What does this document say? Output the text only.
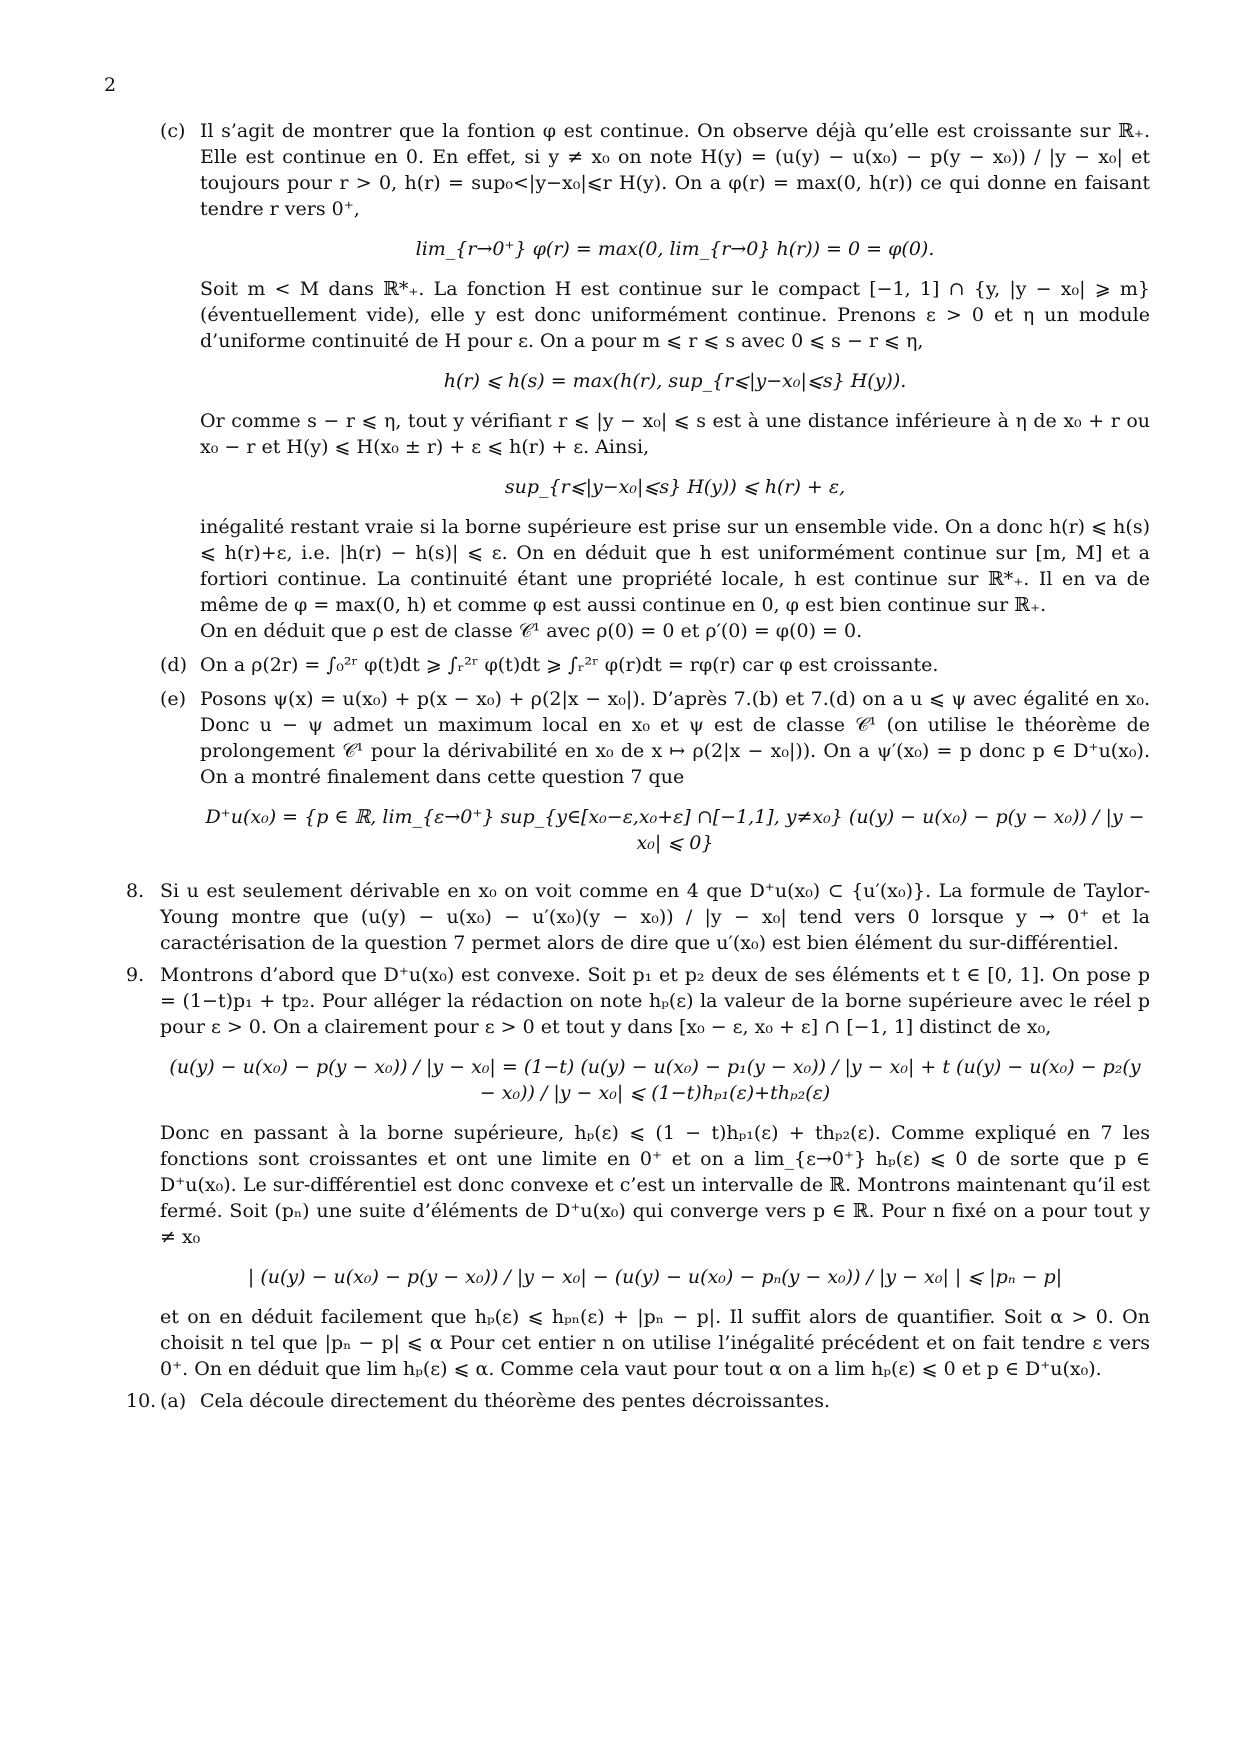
2
(c) Il s’agit de montrer que la fontion φ est continue. On observe déjà qu’elle est croissante sur ℝ₊. Elle est continue en 0. En effet, si y ≠ x₀ on note H(y) = (u(y) − u(x₀) − p(y − x₀)) / |y − x₀| et toujours pour r > 0, h(r) = sup₀<|y−x₀|⩽r H(y). On a φ(r) = max(0, h(r)) ce qui donne en faisant tendre r vers 0⁺,

lim_{r→0⁺} φ(r) = max(0, lim_{r→0} h(r)) = 0 = φ(0).

Soit m < M dans ℝ*₊. La fonction H est continue sur le compact [−1, 1] ∩ {y, |y − x₀| ⩾ m} (éventuellement vide), elle y est donc uniformément continue. Prenons ε > 0 et η un module d’uniforme continuité de H pour ε. On a pour m ⩽ r ⩽ s avec 0 ⩽ s − r ⩽ η,

h(r) ⩽ h(s) = max(h(r), sup_{r⩽|y−x₀|⩽s} H(y)).

Or comme s − r ⩽ η, tout y vérifiant r ⩽ |y − x₀| ⩽ s est à une distance inférieure à η de x₀ + r ou x₀ − r et H(y) ⩽ H(x₀ ± r) + ε ⩽ h(r) + ε. Ainsi,

sup_{r⩽|y−x₀|⩽s} H(y)) ⩽ h(r) + ε,

inégalité restant vraie si la borne supérieure est prise sur un ensemble vide. On a donc h(r) ⩽ h(s) ⩽ h(r)+ε, i.e. |h(r) − h(s)| ⩽ ε. On en déduit que h est uniformément continue sur [m, M] et a fortiori continue. La continuité étant une propriété locale, h est continue sur ℝ*₊. Il en va de même de φ = max(0, h) et comme φ est aussi continue en 0, φ est bien continue sur ℝ₊.

On en déduit que ρ est de classe 𝒞¹ avec ρ(0) = 0 et ρ′(0) = φ(0) = 0.

(d) On a ρ(2r) = ∫₀²ʳ φ(t)dt ⩾ ∫ᵣ²ʳ φ(t)dt ⩾ ∫ᵣ²ʳ φ(r)dt = rφ(r) car φ est croissante.

(e) Posons ψ(x) = u(x₀) + p(x − x₀) + ρ(2|x − x₀|). D’après 7.(b) et 7.(d) on a u ⩽ ψ avec égalité en x₀. Donc u − ψ admet un maximum local en x₀ et ψ est de classe 𝒞¹ (on utilise le théorème de prolongement 𝒞¹ pour la dérivabilité en x₀ de x ↦ ρ(2|x − x₀|)). On a ψ′(x₀) = p donc p ∈ D⁺u(x₀). On a montré finalement dans cette question 7 que

D⁺u(x₀) = {p ∈ ℝ, lim_{ε→0⁺} sup_{y∈[x₀−ε,x₀+ε] ∩[−1,1], y≠x₀} (u(y) − u(x₀) − p(y − x₀)) / |y − x₀| ⩽ 0}
8. Si u est seulement dérivable en x₀ on voit comme en 4 que D⁺u(x₀) ⊂ {u′(x₀)}. La formule de Taylor-Young montre que (u(y) − u(x₀) − u′(x₀)(y − x₀)) / |y − x₀| tend vers 0 lorsque y → 0⁺ et la caractérisation de la question 7 permet alors de dire que u′(x₀) est bien élément du sur-différentiel.

9. Montrons d’abord que D⁺u(x₀) est convexe. Soit p₁ et p₂ deux de ses éléments et t ∈ [0, 1]. On pose p = (1−t)p₁ + tp₂. Pour alléger la rédaction on note hₚ(ε) la valeur de la borne supérieure avec le réel p pour ε > 0. On a clairement pour ε > 0 et tout y dans [x₀ − ε, x₀ + ε] ∩ [−1, 1] distinct de x₀,

(u(y) − u(x₀) − p(y − x₀)) / |y − x₀| = (1−t) (u(y) − u(x₀) − p₁(y − x₀)) / |y − x₀| + t (u(y) − u(x₀) − p₂(y − x₀)) / |y − x₀| ⩽ (1−t)hₚ₁(ε)+thₚ₂(ε)

Donc en passant à la borne supérieure, hₚ(ε) ⩽ (1 − t)hₚ₁(ε) + thₚ₂(ε). Comme expliqué en 7 les fonctions sont croissantes et ont une limite en 0⁺ et on a lim_{ε→0⁺} hₚ(ε) ⩽ 0 de sorte que p ∈ D⁺u(x₀). Le sur-différentiel est donc convexe et c’est un intervalle de ℝ. Montrons maintenant qu’il est fermé. Soit (pₙ) une suite d’éléments de D⁺u(x₀) qui converge vers p ∈ ℝ. Pour n fixé on a pour tout y ≠ x₀

| (u(y) − u(x₀) − p(y − x₀)) / |y − x₀| − (u(y) − u(x₀) − pₙ(y − x₀)) / |y − x₀| | ⩽ |pₙ − p|

et on en déduit facilement que hₚ(ε) ⩽ hₚₙ(ε) + |pₙ − p|. Il suffit alors de quantifier. Soit α > 0. On choisit n tel que |pₙ − p| ⩽ α Pour cet entier n on utilise l’inégalité précédent et on fait tendre ε vers 0⁺. On en déduit que lim hₚ(ε) ⩽ α. Comme cela vaut pour tout α on a lim hₚ(ε) ⩽ 0 et p ∈ D⁺u(x₀).

10. (a) Cela découle directement du théorème des pentes décroissantes.
